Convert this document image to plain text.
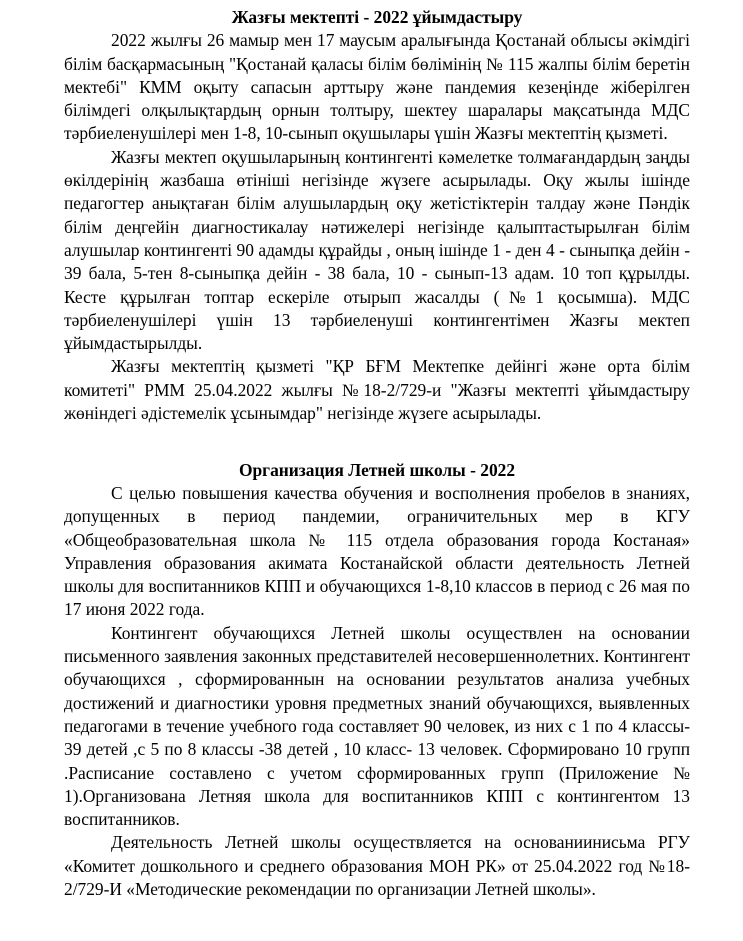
Жазғы мектепті - 2022 ұйымдастыру

2022 жылғы 26 мамыр мен 17 маусым аралығында Қостанай облысы әкімдігі білім басқармасының "Қостанай қаласы білім бөлімінің № 115 жалпы білім беретін мектебі" КММ оқыту сапасын арттыру және пандемия кезеңінде жіберілген білімдегі олқылықтардың орнын толтыру, шектеу шаралары мақсатында МДС тәрбиеленушілері мен 1-8, 10-сынып оқушылары үшін Жазғы мектептің қызметі.

Жазғы мектеп оқушыларының контингенті кәмелетке толмағандардың заңды өкілдерінің жазбаша өтініші негізінде жүзеге асырылады. Оқу жылы ішінде педагогтер анықтаған білім алушылардың оқу жетістіктерін талдау және Пәндік білім деңгейін диагностикалау нәтижелері негізінде қалыптастырылған білім алушылар контингенті 90 адамды құрайды , оның ішінде 1 - ден 4 - сыныпқа дейін - 39 бала, 5-тен 8-сыныпқа дейін - 38 бала, 10 - сынып-13 адам. 10 топ құрылды. Кесте құрылған топтар ескеріле отырып жасалды (№1 қосымша). МДС тәрбиеленушілері үшін 13 тәрбиеленуші контингентімен Жазғы мектеп ұйымдастырылды.

Жазғы мектептің қызметі "ҚР БҒМ Мектепке дейінгі және орта білім комитеті" РММ 25.04.2022 жылғы №18-2/729-и "Жазғы мектепті ұйымдастыру жөніндегі әдістемелік ұсынымдар" негізінде жүзеге асырылады.

Организация Летней школы - 2022

С целью повышения качества обучения и восполнения пробелов в знаниях, допущенных в период пандемии, ограничительных мер в КГУ «Общеобразовательная школа № 115 отдела образования города Костаная» Управления образования акимата Костанайской области деятельность Летней школы для воспитанников КПП и обучающихся 1-8,10 классов в период с 26 мая по 17 июня 2022 года.

Контингент обучающихся Летней школы осуществлен на основании письменного заявления законных представителей несовершеннолетних. Контингент обучающихся , сформированнын на основании результатов анализа учебных достижений и диагностики уровня предметных знаний обучающихся, выявленных педагогами в течение учебного года составляет 90 человек, из них с 1 по 4 классы- 39 детей ,с 5 по 8 классы -38 детей , 10 класс- 13 человек. Сформировано 10 групп .Расписание составлено с учетом сформированных групп (Приложение № 1).Организована Летняя школа для воспитанников КПП с контингентом 13 воспитанников.

Деятельность Летней школы осуществляется на основаниинисьма РГУ «Комитет дошкольного и среднего образования МОН РК» от 25.04.2022 год №18-2/729-И «Методические рекомендации по организации Летней школы».
